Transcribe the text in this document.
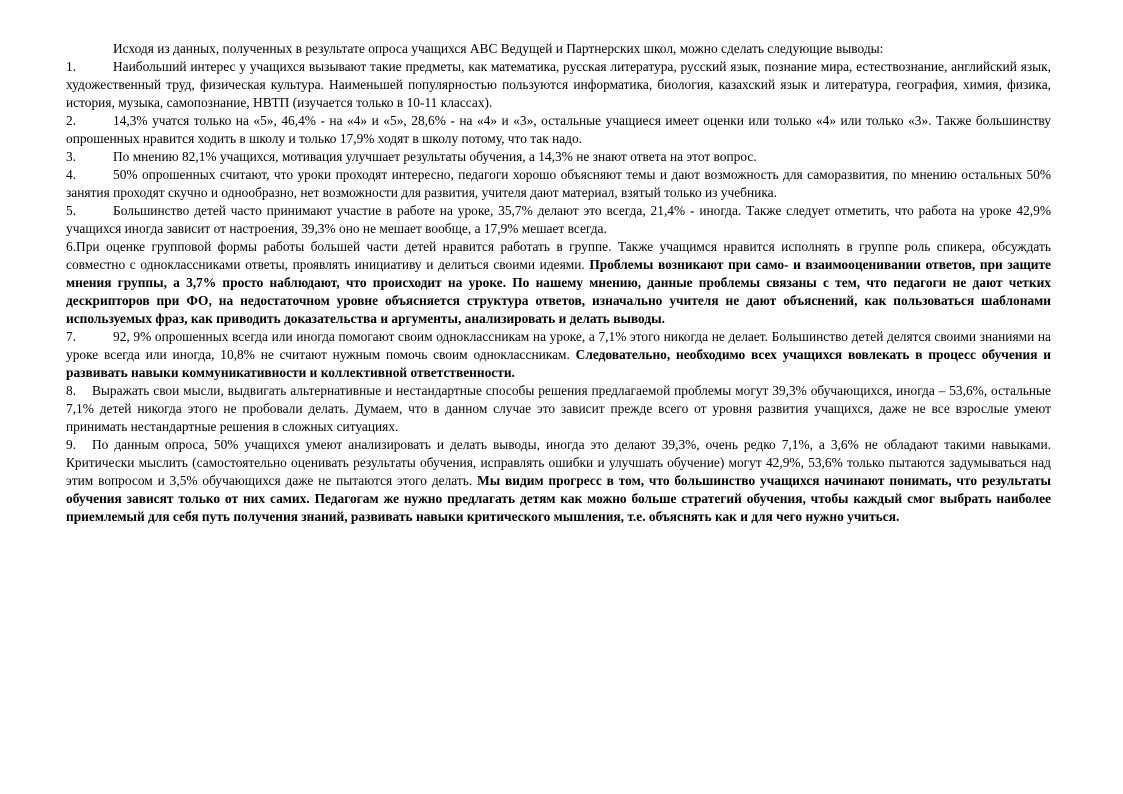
Исходя из данных, полученных в результате опроса учащихся АВС Ведущей и Партнерских школ, можно сделать следующие выводы:

1.	Наибольший интерес у учащихся вызывают такие предметы, как математика, русская литература, русский язык, познание мира, естествознание, английский язык, художественный труд, физическая культура. Наименьшей популярностью пользуются информатика, биология, казахский язык и литература, география, химия, физика, история, музыка, самопознание, НВТП (изучается только в 10-11 классах).

2.	14,3% учатся только на «5», 46,4% - на «4» и «5», 28,6% - на «4» и «3», остальные учащиеся имеет оценки или только «4» или только «3». Также большинству опрошенных нравится ходить в школу и только 17,9% ходят в школу потому, что так надо.

3.	По мнению 82,1% учащихся, мотивация улучшает результаты обучения, а 14,3% не знают ответа на этот вопрос.

4.	50% опрошенных считают, что уроки проходят интересно, педагоги хорошо объясняют темы и дают возможность для саморазвития, по мнению остальных 50% занятия проходят скучно и однообразно, нет возможности для развития, учителя дают материал, взятый только из учебника.

5.	Большинство детей часто принимают участие в работе на уроке, 35,7% делают это всегда, 21,4% - иногда. Также следует отметить, что работа на уроке 42,9% учащихся иногда зависит от настроения, 39,3% оно не мешает вообще, а 17,9% мешает всегда.

6.При оценке групповой формы работы большей части детей нравится работать в группе. Также учащимся нравится исполнять в группе роль спикера, обсуждать совместно с одноклассниками ответы, проявлять инициативу и делиться своими идеями. Проблемы возникают при само- и взаимооценивании ответов, при защите мнения группы, а 3,7% просто наблюдают, что происходит на уроке. По нашему мнению, данные проблемы связаны с тем, что педагоги не дают четких дескрипторов при ФО, на недостаточном уровне объясняется структура ответов, изначально учителя не дают объяснений, как пользоваться шаблонами используемых фраз, как приводить доказательства и аргументы, анализировать и делать выводы.

7.	92, 9% опрошенных всегда или иногда помогают своим одноклассникам на уроке, а 7,1% этого никогда не делает. Большинство детей делятся своими знаниями на уроке всегда или иногда, 10,8% не считают нужным помочь своим одноклассникам. Следовательно, необходимо всех учащихся вовлекать в процесс обучения и развивать навыки коммуникативности и коллективной ответственности.

8. Выражать свои мысли, выдвигать альтернативные и нестандартные способы решения предлагаемой проблемы могут 39,3% обучающихся, иногда – 53,6%, остальные 7,1% детей никогда этого не пробовали делать. Думаем, что в данном случае это зависит прежде всего от уровня развития учащихся, даже не все взрослые умеют принимать нестандартные решения в сложных ситуациях.

9. По данным опроса, 50% учащихся умеют анализировать и делать выводы, иногда это делают 39,3%, очень редко 7,1%, а 3,6% не обладают такими навыками. Критически мыслить (самостоятельно оценивать результаты обучения, исправлять ошибки и улучшать обучение) могут 42,9%, 53,6% только пытаются задумываться над этим вопросом и 3,5% обучающихся даже не пытаются этого делать. Мы видим прогресс в том, что большинство учащихся начинают понимать, что результаты обучения зависят только от них самих. Педагогам же нужно предлагать детям как можно больше стратегий обучения, чтобы каждый смог выбрать наиболее приемлемый для себя путь получения знаний, развивать навыки критического мышления, т.е. объяснять как и для чего нужно учиться.
